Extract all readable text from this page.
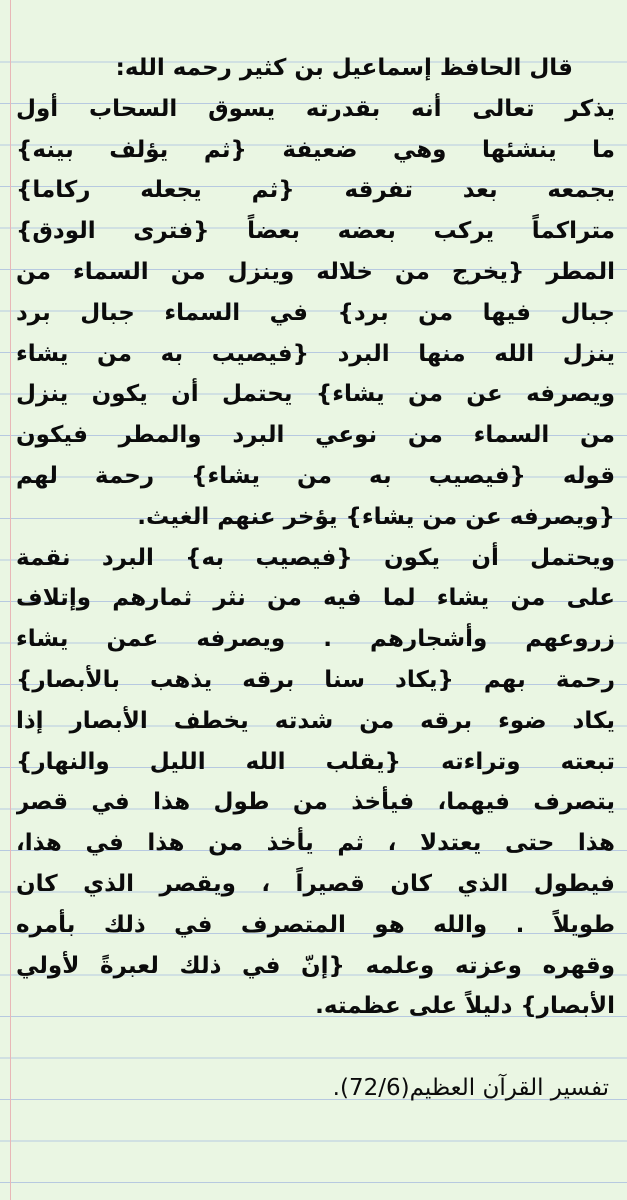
قال الحافظ إسماعيل بن كثير رحمه الله:
يذكر تعالى أنه بقدرته يسوق السحاب أول
ما ينشئها وهي ضعيفة {ثم يؤلف بينه}
يجمعه بعد تفرقه {ثم يجعله ركاما}
متراكماً يركب بعضه بعضاً {فترى الودق}
المطر {يخرج من خلاله وينزل من السماء من
جبال فيها من برد} في السماء جبال برد
ينزل الله منها البرد {فيصيب به من يشاء
ويصرفه عن من يشاء} يحتمل أن يكون ينزل
من السماء من نوعي البرد والمطر فيكون
قوله {فيصيب به من يشاء} رحمة لهم
{ويصرفه عن من يشاء} يؤخر عنهم الغيث.
ويحتمل أن يكون {فيصيب به} البرد نقمة
على من يشاء لما فيه من نثر ثمارهم وإتلاف
زروعهم وأشجارهم . ويصرفه عمن يشاء
رحمة بهم {يكاد سنا برقه يذهب بالأبصار}
يكاد ضوء برقه من شدته يخطف الأبصار إذا
تبعته وتراءته {يقلب الله الليل والنهار}
يتصرف فيهما، فيأخذ من طول هذا في قصر
هذا حتى يعتدلا ، ثم يأخذ من هذا في هذا،
فيطول الذي كان قصيراً ، ويقصر الذي كان
طويلاً . والله هو المتصرف في ذلك بأمره
وقهره وعزته وعلمه {إنّ في ذلك لعبرةً لأولي
الأبصار} دليلاً على عظمته.
تفسير القرآن العظيم(72/6).
